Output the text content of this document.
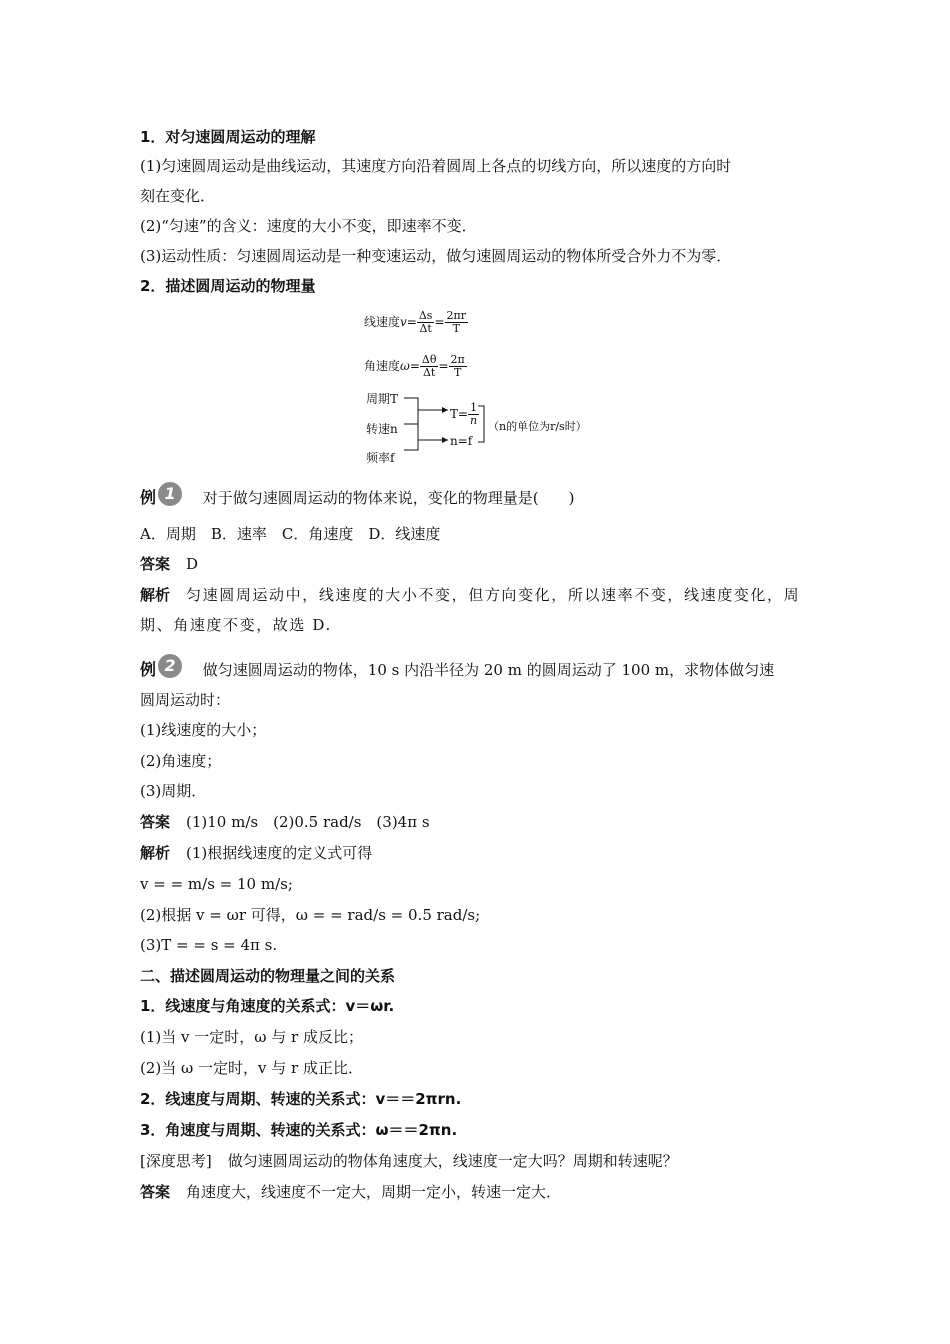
1．对匀速圆周运动的理解
(1)匀速圆周运动是曲线运动，其速度方向沿着圆周上各点的切线方向，所以速度的方向时
刻在变化．
(2)“匀速”的含义：速度的大小不变，即速率不变．
(3)运动性质：匀速圆周运动是一种变速运动，做匀速圆周运动的物体所受合外力不为零．
2．描述圆周运动的物理量
线速度$v= \frac{\Delta s}{\Delta t} = \frac{2\pi r}{T}$
角速度$\omega= \frac{\Delta\theta}{\Delta t} = \frac{2\pi}{T}$
周期T
转速n
频率f
$T= \frac{1}{n}$
n=f
（n的单位为r/s时）
例 1	对于做匀速圆周运动的物体来说，变化的物理量是(　　)
A．周期　B．速率　C．角速度　D．线速度
答案 D
解析 匀速圆周运动中，线速度的大小不变，但方向变化，所以速率不变，线速度变化，周
期、角速度不变，故选 D.
例 2	做匀速圆周运动的物体，10 s 内沿半径为 20 m 的圆周运动了 100 m，求物体做匀速
圆周运动时：
(1)线速度的大小；
(2)角速度；
(3)周期．
答案 (1)10 m/s　(2)0.5 rad/s　(3)4π s
解析 (1)根据线速度的定义式可得
v = = m/s = 10 m/s;
(2)根据 v = ωr 可得，ω = = rad/s = 0.5 rad/s;
(3)T = = s = 4π s.
二、描述圆周运动的物理量之间的关系
1．线速度与角速度的关系式：v＝ωr.
(1)当 v 一定时，ω 与 r 成反比；
(2)当 ω 一定时，v 与 r 成正比．
2．线速度与周期、转速的关系式：v＝＝2πrn.
3．角速度与周期、转速的关系式：ω＝＝2πn.
[深度思考] 做匀速圆周运动的物体角速度大，线速度一定大吗？周期和转速呢？
答案 角速度大，线速度不一定大，周期一定小，转速一定大．
